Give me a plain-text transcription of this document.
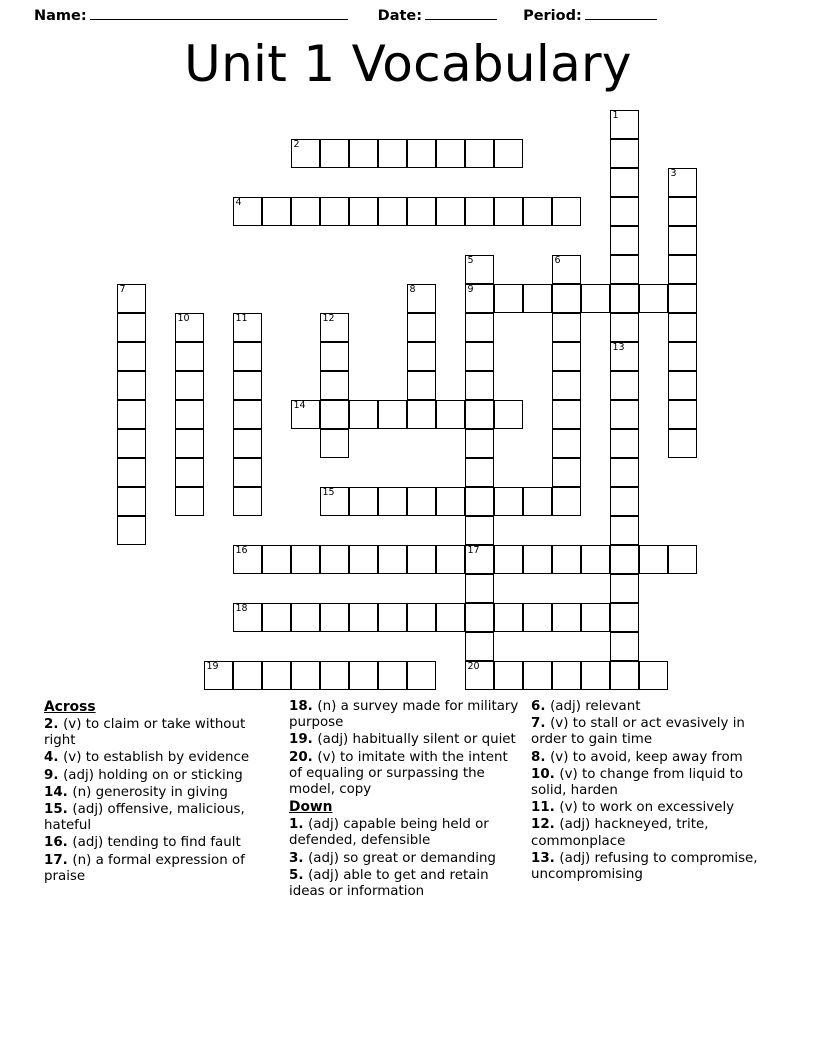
Name:	Date:	Period:
Unit 1 Vocabulary
1
2
3
4
5	6
7	8	9
10	11	12
13
14
15
16	17
18
19	20
Across
2. (v) to claim or take without right
4. (v) to establish by evidence
9. (adj) holding on or sticking
14. (n) generosity in giving
15. (adj) offensive, malicious, hateful
16. (adj) tending to find fault
17. (n) a formal expression of praise
18. (n) a survey made for military purpose
19. (adj) habitually silent or quiet
20. (v) to imitate with the intent of equaling or surpassing the model, copy
Down
1. (adj) capable being held or defended, defensible
3. (adj) so great or demanding
5. (adj) able to get and retain ideas or information
6. (adj) relevant
7. (v) to stall or act evasively in order to gain time
8. (v) to avoid, keep away from
10. (v) to change from liquid to solid, harden
11. (v) to work on excessively
12. (adj) hackneyed, trite, commonplace
13. (adj) refusing to compromise, uncompromising
